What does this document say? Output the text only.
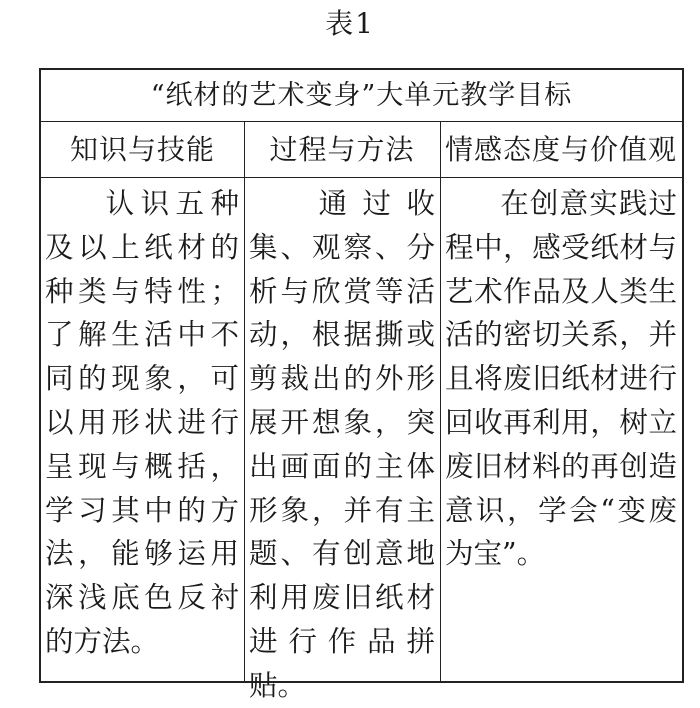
表1
“纸材的艺术变身”大单元教学目标
知识与技能	过程与方法	情感态度与价值观
认识五种及以上纸材的种类与特性；了解生活中不同的现象，可以用形状进行呈现与概括，学习其中的方法，能够运用深浅底色反衬的方法。
通过收集、观察、分析与欣赏等活动，根据撕或剪裁出的外形展开想象，突出画面的主体形象，并有主题、有创意地利用废旧纸材进行作品拼贴。
在创意实践过程中，感受纸材与艺术作品及人类生活的密切关系，并且将废旧纸材进行回收再利用，树立废旧材料的再创造意识，学会“变废为宝”。
